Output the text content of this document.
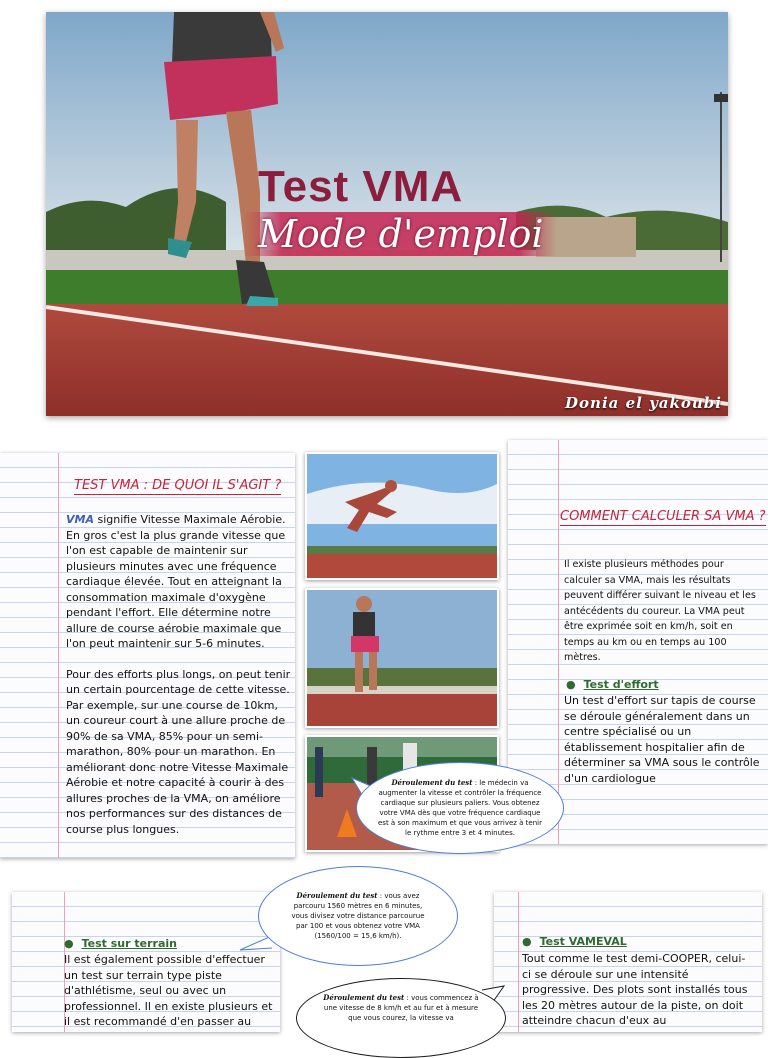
Test VMA
Mode d'emploi
Donia el yakoubi
TEST VMA : DE QUOI IL S'AGIT ?

VMA signifie Vitesse Maximale Aérobie. En gros c'est la plus grande vitesse que l'on est capable de maintenir sur plusieurs minutes avec une fréquence cardiaque élevée. Tout en atteignant la consommation maximale d'oxygène pendant l'effort. Elle détermine notre allure de course aérobie maximale que l'on peut maintenir sur 5-6 minutes.

Pour des efforts plus longs, on peut tenir un certain pourcentage de cette vitesse. Par exemple, sur une course de 10km, un coureur court à une allure proche de 90% de sa VMA, 85% pour un semi-marathon, 80% pour un marathon. En améliorant donc notre Vitesse Maximale Aérobie et notre capacité à courir à des allures proches de la VMA, on améliore nos performances sur des distances de course plus longues.

COMMENT CALCULER SA VMA ?
Il existe plusieurs méthodes pour calculer sa VMA, mais les résultats peuvent différer suivant le niveau et les antécédents du coureur. La VMA peut être exprimée soit en km/h, soit en temps au km ou en temps au 100 mètres.
● Test d'effort
Un test d'effort sur tapis de course se déroule généralement dans un centre spécialisé ou un établissement hospitalier afin de déterminer sa VMA sous le contrôle d'un cardiologue
Déroulement du test : le médecin va augmenter la vitesse et contrôler la fréquence cardiaque sur plusieurs paliers. Vous obtenez votre VMA dès que votre fréquence cardiaque est à son maximum et que vous arrivez à tenir le rythme entre 3 et 4 minutes.
● Test sur terrain
Il est également possible d'effectuer un test sur terrain type piste d'athlétisme, seul ou avec un professionnel. Il en existe plusieurs et il est recommandé d'en passer au
● Test VAMEVAL
Tout comme le test demi-COOPER, celui-ci se déroule sur une intensité progressive. Des plots sont installés tous les 20 mètres autour de la piste, on doit atteindre chacun d'eux au
Déroulement du test : vous avez parcouru 1560 mètres en 6 minutes, vous divisez votre distance parcourue par 100 et vous obtenez votre VMA (1560/100 = 15,6 km/h).
Déroulement du test : vous commencez à une vitesse de 8 km/h et au fur et à mesure que vous courez, la vitesse va
